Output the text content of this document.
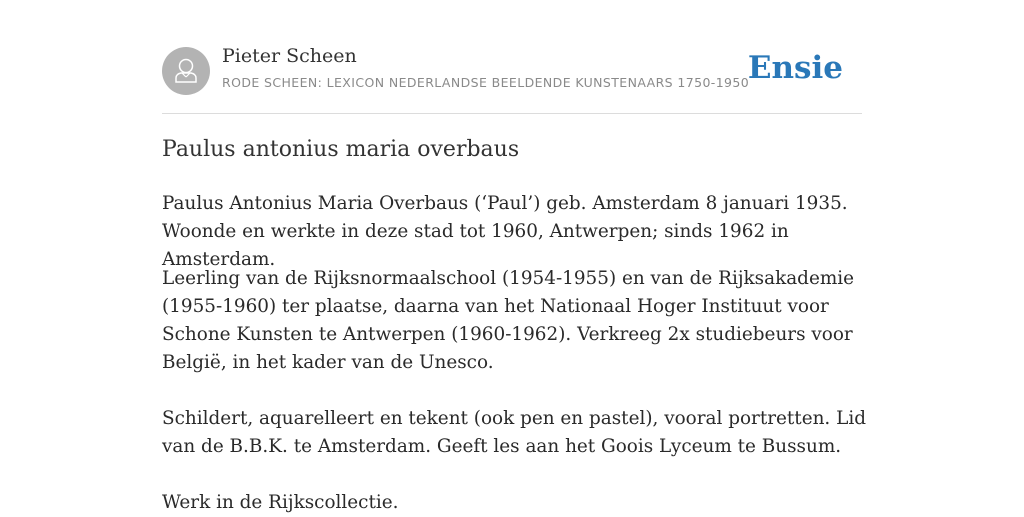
Pieter Scheen
RODE SCHEEN: LEXICON NEDERLANDSE BEELDENDE KUNSTENAARS 1750-1950
Ensie
Paulus antonius maria overbaus

Paulus Antonius Maria Overbaus (‘Paul’) geb. Amsterdam 8 januari 1935. Woonde en werkte in deze stad tot 1960, Antwerpen; sinds 1962 in Amsterdam.

Leerling van de Rijksnormaalschool (1954-1955) en van de Rijksakademie (1955-1960) ter plaatse, daarna van het Nationaal Hoger Instituut voor Schone Kunsten te Antwerpen (1960-1962). Verkreeg 2x studiebeurs voor België, in het kader van de Unesco.

Schildert, aquarelleert en tekent (ook pen en pastel), vooral portretten. Lid van de B.B.K. te Amsterdam. Geeft les aan het Goois Lyceum te Bussum.

Werk in de Rijkscollectie.
